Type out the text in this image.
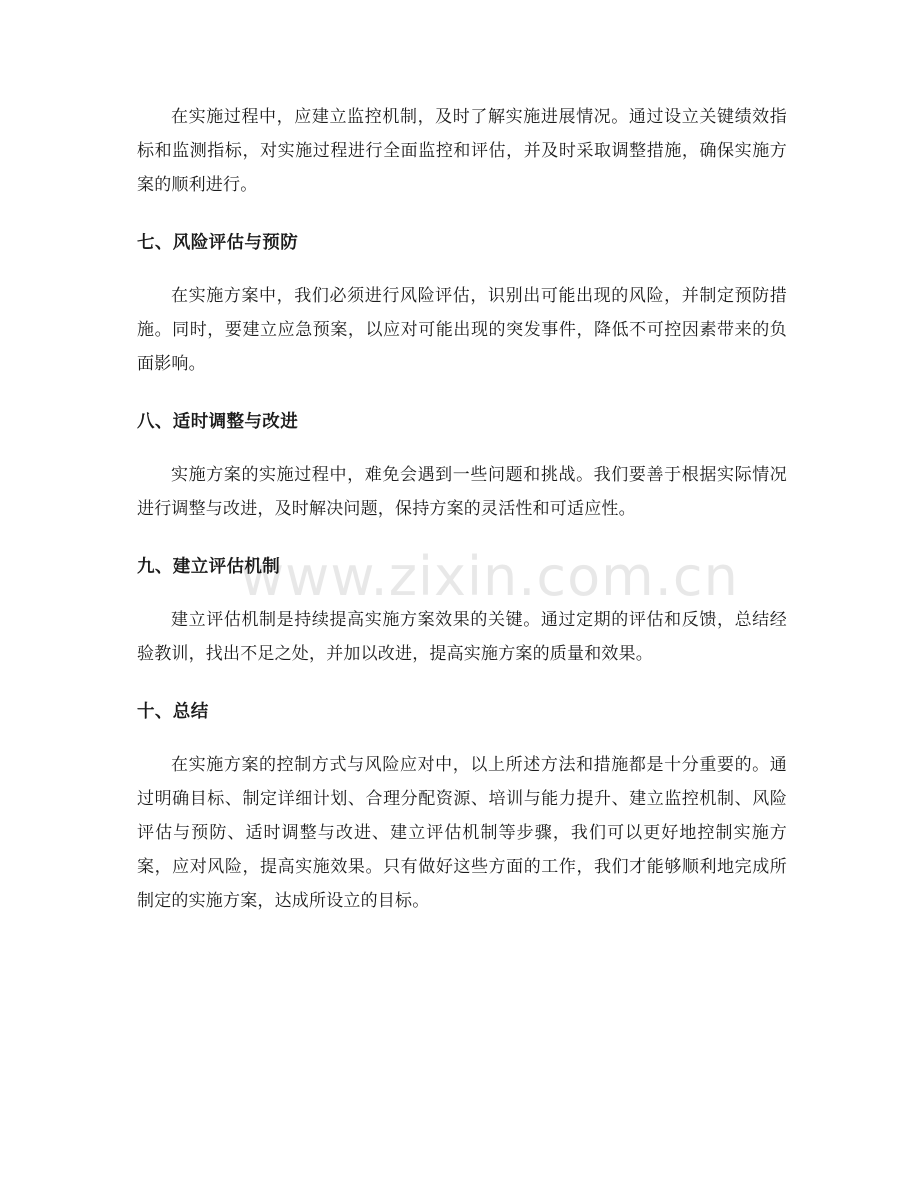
在实施过程中，应建立监控机制，及时了解实施进展情况。通过设立关键绩效指标和监测指标，对实施过程进行全面监控和评估，并及时采取调整措施，确保实施方案的顺利进行。

七、风险评估与预防

在实施方案中，我们必须进行风险评估，识别出可能出现的风险，并制定预防措施。同时，要建立应急预案，以应对可能出现的突发事件，降低不可控因素带来的负面影响。

八、适时调整与改进

实施方案的实施过程中，难免会遇到一些问题和挑战。我们要善于根据实际情况进行调整与改进，及时解决问题，保持方案的灵活性和可适应性。

九、建立评估机制

建立评估机制是持续提高实施方案效果的关键。通过定期的评估和反馈，总结经验教训，找出不足之处，并加以改进，提高实施方案的质量和效果。

十、总结

在实施方案的控制方式与风险应对中，以上所述方法和措施都是十分重要的。通过明确目标、制定详细计划、合理分配资源、培训与能力提升、建立监控机制、风险评估与预防、适时调整与改进、建立评估机制等步骤，我们可以更好地控制实施方案，应对风险，提高实施效果。只有做好这些方面的工作，我们才能够顺利地完成所制定的实施方案，达成所设立的目标。

www.zixin.com.cn
